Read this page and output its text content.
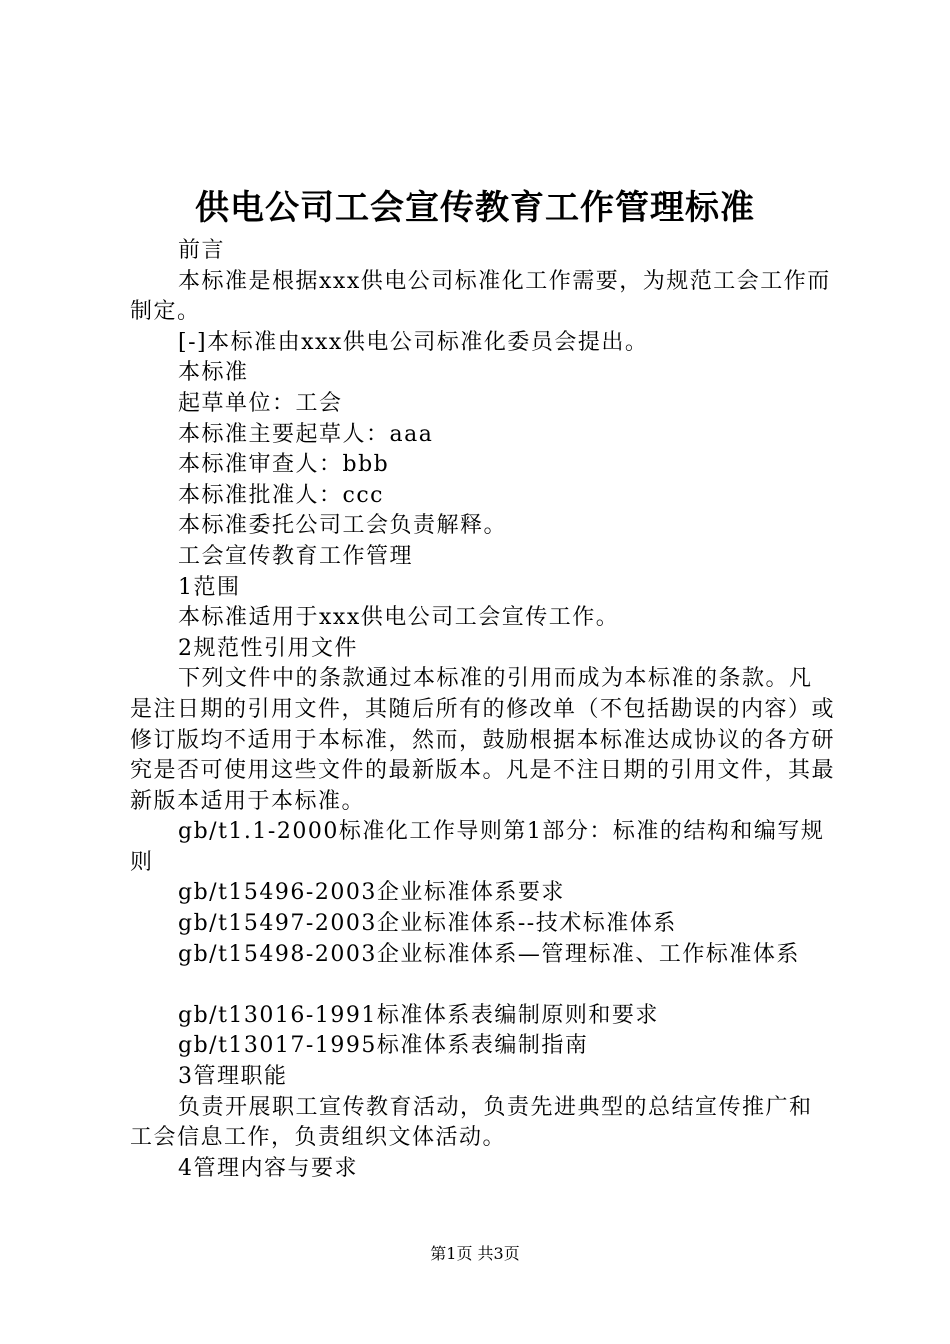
供电公司工会宣传教育工作管理标准

前言

本标准是根据xxx供电公司标准化工作需要，为规范工会工作而制定。

[-]本标准由xxx供电公司标准化委员会提出。

本标准

起草单位：工会

本标准主要起草人：aaa

本标准审查人：bbb

本标准批准人：ccc

本标准委托公司工会负责解释。

工会宣传教育工作管理

1范围

本标准适用于xxx供电公司工会宣传工作。

2规范性引用文件

下列文件中的条款通过本标准的引用而成为本标准的条款。凡是注日期的引用文件，其随后所有的修改单（不包括勘误的内容）或修订版均不适用于本标准，然而，鼓励根据本标准达成协议的各方研究是否可使用这些文件的最新版本。凡是不注日期的引用文件，其最新版本适用于本标准。

gb/t1.1-2000标准化工作导则第1部分：标准的结构和编写规则

gb/t15496-2003企业标准体系要求

gb/t15497-2003企业标准体系--技术标准体系

gb/t15498-2003企业标准体系—管理标准、工作标准体系

gb/t13016-1991标准体系表编制原则和要求

gb/t13017-1995标准体系表编制指南

3管理职能

负责开展职工宣传教育活动，负责先进典型的总结宣传推广和工会信息工作，负责组织文体活动。

4管理内容与要求

第1页 共3页
